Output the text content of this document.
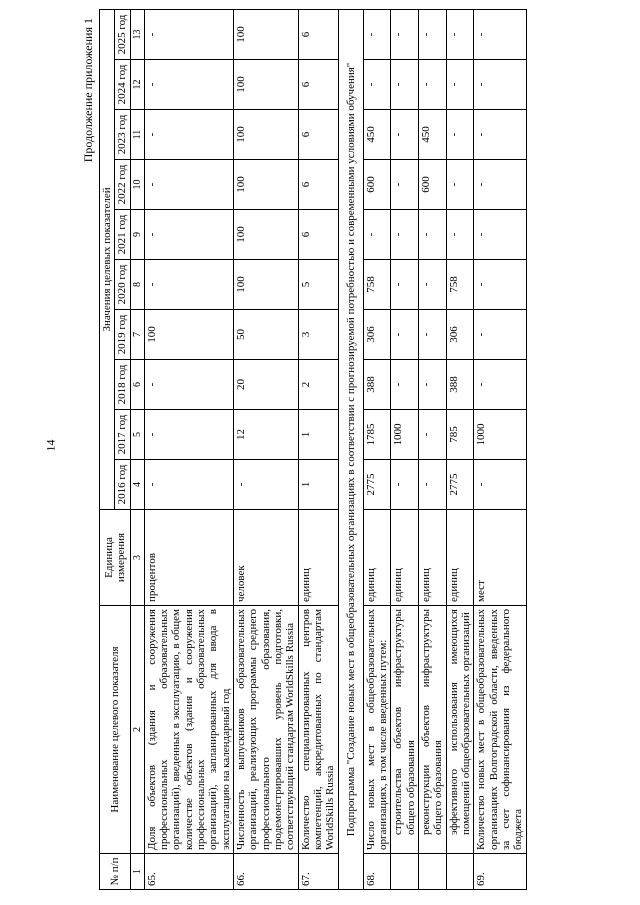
14
Продолжение приложения 1
№ п/п	Наименование целевого показателя	Единица измерения	Значения целевых показателей									
			2016 год	2017 год	2018 год	2019 год	2020 год	2021 год	2022 год	2023 год	2024 год	2025 год
1	2	3	4	5	6	7	8	9	10	11	12	13
65.	Доля объектов (здания и сооружения профессиональных образовательных организаций), введенных в эксплуатацию, в общем количестве объектов (здания и сооружения профессиональных образовательных организаций), запланированных для ввода в эксплуатацию на календарный год	процентов	-	-	-	100	-	-	-	-	-	-
66.	Численность выпускников образовательных организаций, реализующих программы среднего профессионального образования, продемонстрировавших уровень подготовки, соответствующий стандартам WorldSkills Russia	человек	-	12	20	50	100	100	100	100	100	100
67.	Количество специализированных центров компетенций, аккредитованных по стандартам WorldSkills Russia	единиц	1	1	2	3	5	6	6	6	6	6
Подпрограмма "Создание новых мест в общеобразовательных организациях в соответствии с прогнозируемой потребностью и современными условиями обучения"												
68.	Число новых мест в общеобразовательных организациях, в том числе введенных путем:	единиц	2775	1785	388	306	758	-	600	450	-	-
	строительства объектов инфраструктуры общего образования	единиц	-	1000	-	-	-	-	-	-	-	-
	реконструкции объектов инфраструктуры общего образования	единиц	-	-	-	-	-	-	600	450	-	-
	эффективного использования имеющихся помещений общеобразовательных организаций	единиц	2775	785	388	306	758	-	-	-	-	-
69.	Количество новых мест в общеобразовательных организациях Волгоградской области, введенных за счет софинансирования из федерального бюджета	мест	-	1000	-	-	-	-	-	-	-	-
